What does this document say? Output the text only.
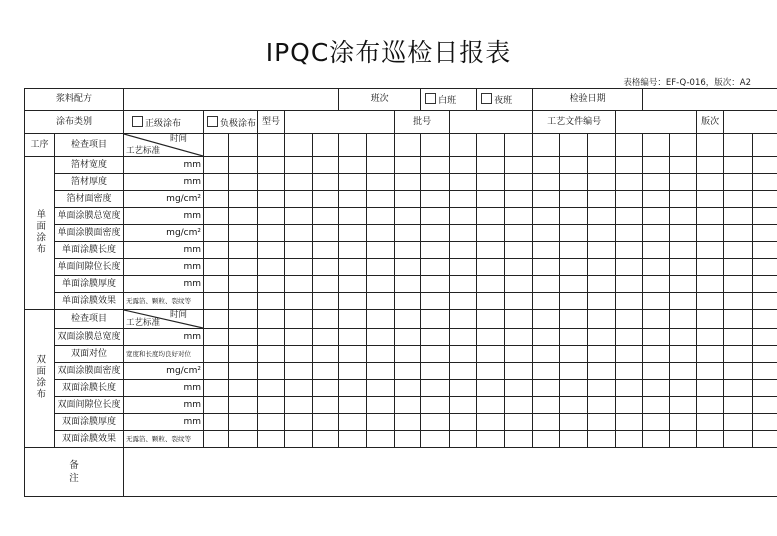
IPQC涂布巡检日报表
表格编号：EF-Q-016，版次：A2
浆料配方								班次			白班		夜班		检验日期								
涂布类别		正级涂布	负极涂布		型号					批号					工艺文件编号						版次		
工序	检查项目	时间
工艺标准																					

单面涂布	箔材宽度	mm																					
	箔材厚度	mm																					
	箔材面密度	mg/cm²																					
	单面涂膜总宽度	mm																					
	单面涂膜面密度	mg/cm²																					
	单面涂膜长度	mm																					
	单面间隙位长度	mm																					
	单面涂膜厚度	mm																					
	单面涂膜效果	无露箔、颗粒、裂纹等																					
双面涂布	检查项目	时间
工艺标准																					

	双面涂膜总宽度	mm																					
	双面对位	宽度和长度均良好对位																					
	双面涂膜面密度	mg/cm²																					
	双面涂膜长度	mm																					
	双面间隙位长度	mm																					
	双面涂膜厚度	mm																					
	双面涂膜效果	无露箔、颗粒、裂纹等																					

备注																							
